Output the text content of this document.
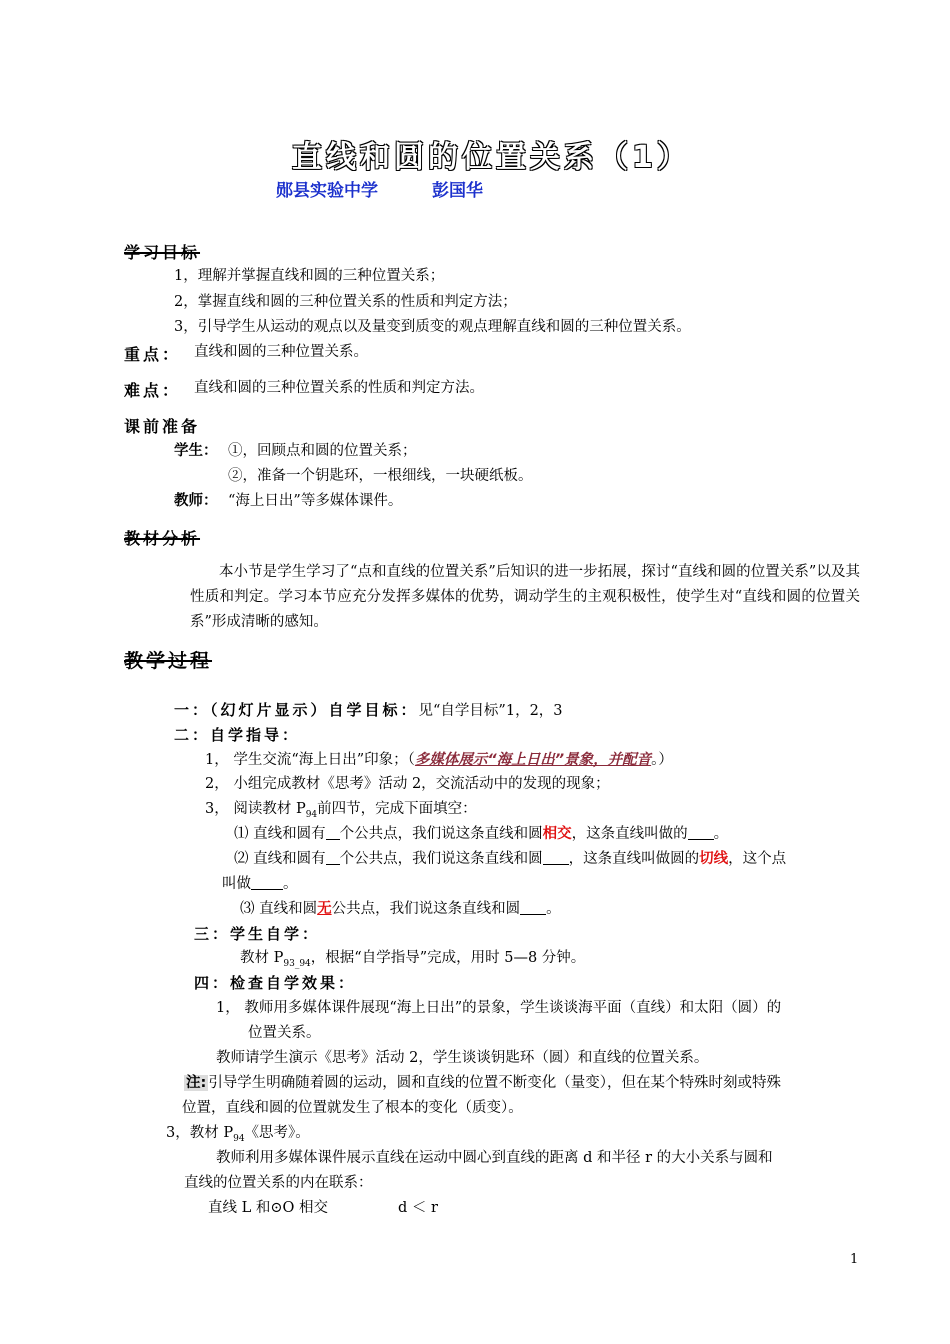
直线和圆的位置关系（1）
郧县实验中学	彭国华
学习目标
1，理解并掌握直线和圆的三种位置关系；
2，掌握直线和圆的三种位置关系的性质和判定方法；
3，引导学生从运动的观点以及量变到质变的观点理解直线和圆的三种位置关系。
重点： 直线和圆的三种位置关系。
难点： 直线和圆的三种位置关系的性质和判定方法。
课前准备
学生： ①，回顾点和圆的位置关系；
②，准备一个钥匙环，一根细线，一块硬纸板。
教师： “海上日出”等多媒体课件。
教材分析
本小节是学生学习了“点和直线的位置关系”后知识的进一步拓展，探讨“直线和圆的位置关系”以及其性质和判定。学习本节应充分发挥多媒体的优势，调动学生的主观积极性，使学生对“直线和圆的位置关系”形成清晰的感知。
教学过程
一：（幻灯片显示）自学目标：见“自学目标”1，2，3
二：自学指导：
1， 学生交流“海上日出”印象；（多媒体展示“海上日出”景象，并配音。）
2， 小组完成教材《思考》活动 2，交流活动中的发现的现象；
3， 阅读教材 $P_{94}$前四节，完成下面填空：
⑴ 直线和圆有 个公共点，我们说这条直线和圆相交，这条直线叫做的 。
⑵ 直线和圆有 个公共点，我们说这条直线和圆 ，这条直线叫做圆的切线，这个点
叫做 。
⑶ 直线和圆无公共点，我们说这条直线和圆 。
三：学生自学：
教材 $P_{93\_94}$，根据“自学指导”完成，用时 5—8 分钟。
四：检查自学效果：
1， 教师用多媒体课件展现“海上日出”的景象，学生谈谈海平面（直线）和太阳（圆）的
位置关系。
教师请学生演示《思考》活动 2，学生谈谈钥匙环（圆）和直线的位置关系。
注: 引导学生明确随着圆的运动，圆和直线的位置不断变化（量变），但在某个特殊时刻或特殊
位置，直线和圆的位置就发生了根本的变化（质变）。
3，教材 $P_{94}$《思考》。
教师利用多媒体课件展示直线在运动中圆心到直线的距离 d 和半径 r 的大小关系与圆和
直线的位置关系的内在联系：
直线 L 和⊙O 相交	d ＜ r
1
